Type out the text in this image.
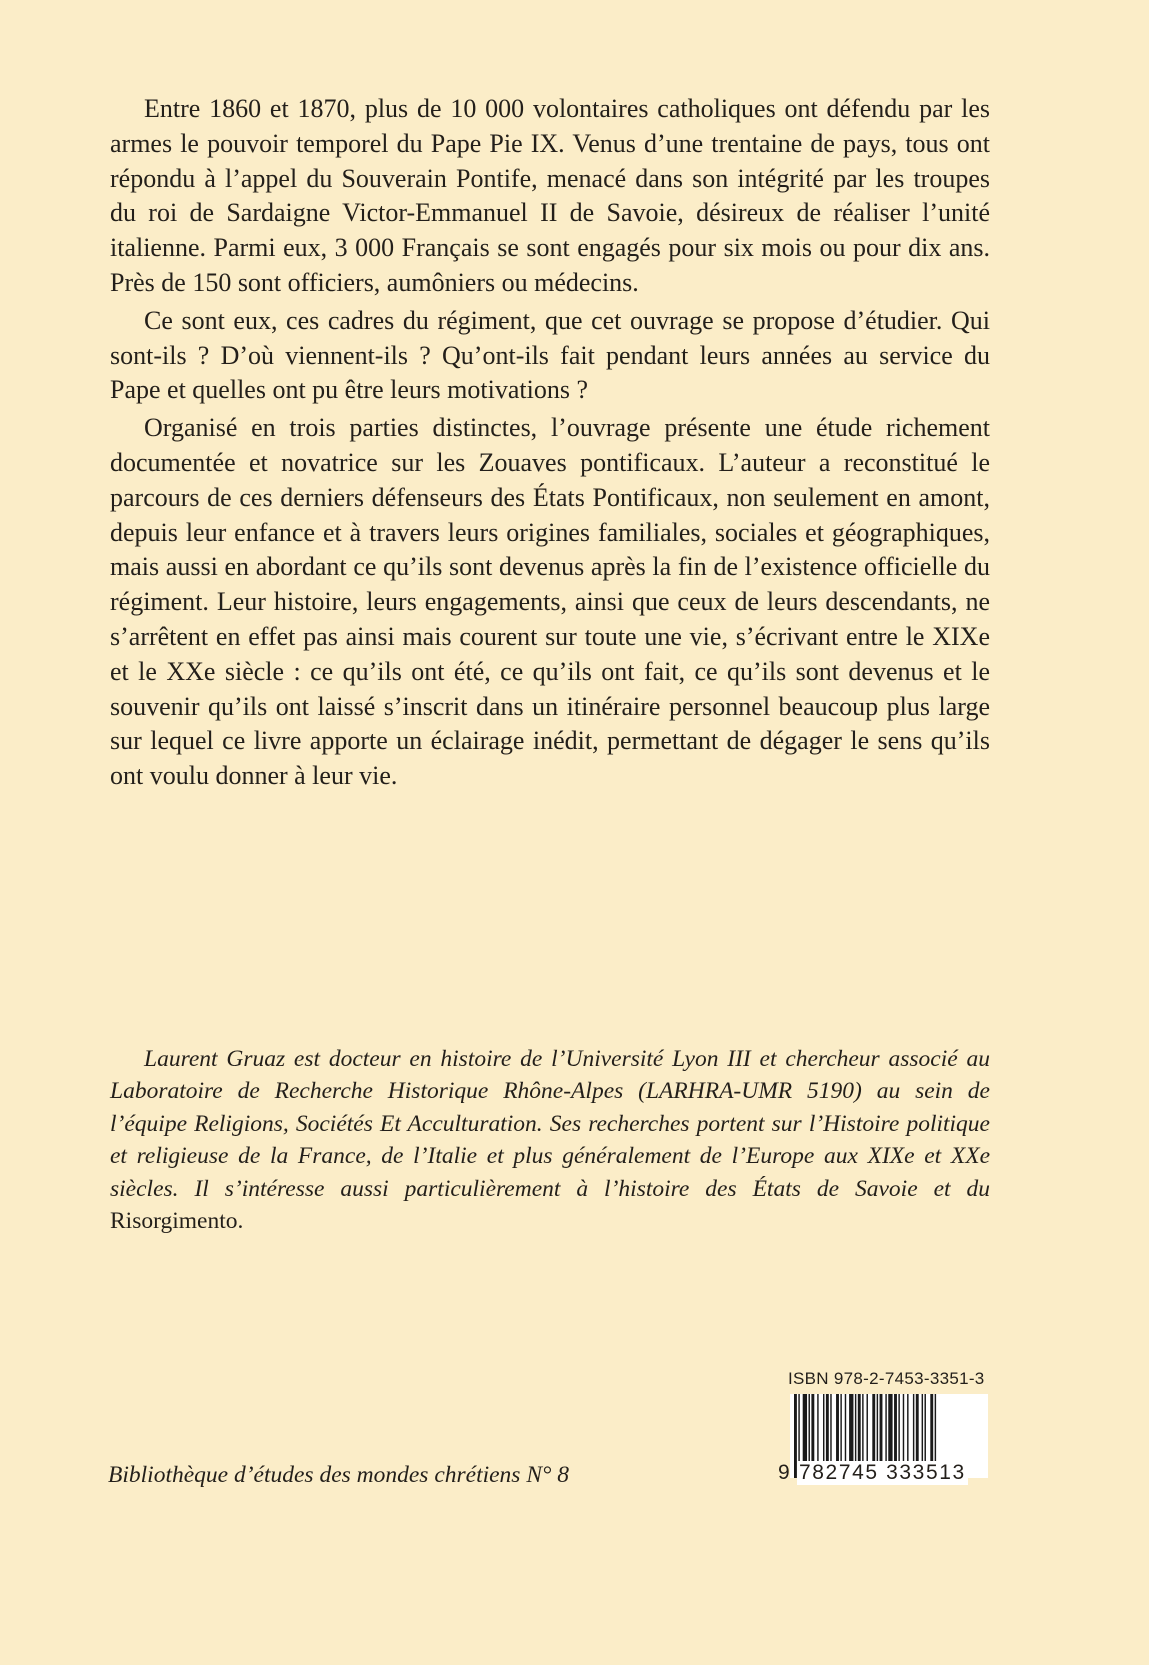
Entre 1860 et 1870, plus de 10 000 volontaires catholiques ont défendu par les armes le pouvoir temporel du Pape Pie IX. Venus d’une trentaine de pays, tous ont répondu à l’appel du Souverain Pontife, menacé dans son intégrité par les troupes du roi de Sardaigne Victor-Emmanuel II de Savoie, désireux de réaliser l’unité italienne. Parmi eux, 3 000 Français se sont engagés pour six mois ou pour dix ans. Près de 150 sont officiers, aumôniers ou médecins.

Ce sont eux, ces cadres du régiment, que cet ouvrage se propose d’étudier. Qui sont-ils ? D’où viennent-ils ? Qu’ont-ils fait pendant leurs années au service du Pape et quelles ont pu être leurs motivations ?

Organisé en trois parties distinctes, l’ouvrage présente une étude richement documentée et novatrice sur les Zouaves pontificaux. L’auteur a reconstitué le parcours de ces derniers défenseurs des États Pontificaux, non seulement en amont, depuis leur enfance et à travers leurs origines familiales, sociales et géographiques, mais aussi en abordant ce qu’ils sont devenus après la fin de l’existence officielle du régiment. Leur histoire, leurs engagements, ainsi que ceux de leurs descendants, ne s’arrêtent en effet pas ainsi mais courent sur toute une vie, s’écrivant entre le XIXe et le XXe siècle : ce qu’ils ont été, ce qu’ils ont fait, ce qu’ils sont devenus et le souvenir qu’ils ont laissé s’inscrit dans un itinéraire personnel beaucoup plus large sur lequel ce livre apporte un éclairage inédit, permettant de dégager le sens qu’ils ont voulu donner à leur vie.

Laurent Gruaz est docteur en histoire de l’Université Lyon III et chercheur associé au Laboratoire de Recherche Historique Rhône-Alpes (LARHRA-UMR 5190) au sein de l’équipe Religions, Sociétés Et Acculturation. Ses recherches portent sur l’Histoire politique et religieuse de la France, de l’Italie et plus généralement de l’Europe aux XIXe et XXe siècles. Il s’intéresse aussi particulièrement à l’histoire des États de Savoie et du Risorgimento.

Bibliothèque d’études des mondes chrétiens N° 8
ISBN 978-2-7453-3351-3
9 782745 333513
